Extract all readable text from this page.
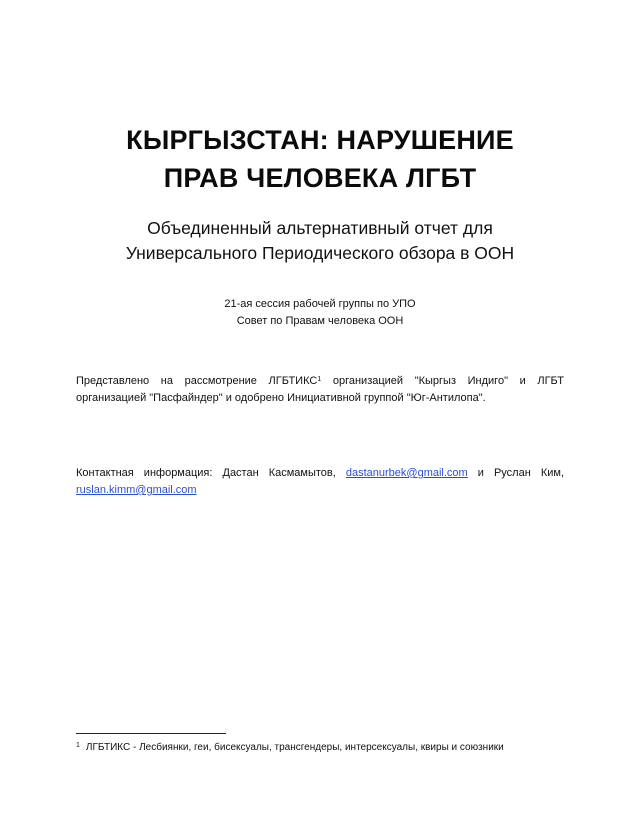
КЫРГЫЗСТАН: НАРУШЕНИЕ
ПРАВ ЧЕЛОВЕКА ЛГБТ
Объединенный альтернативный отчет для
Универсального Периодического обзора в ООН
21-ая сессия рабочей группы по УПО
Совет по Правам человека ООН
Представлено на рассмотрение ЛГБТИКС$^1$ организацией "Кыргыз Индиго" и ЛГБТ
организацией "Пасфайндер" и одобрено Инициативной группой "Юг-Антилопа".
Контактная информация: Дастан Касмамытов, dastanurbek@gmail.com и Руслан Ким,
ruslan.kimm@gmail.com
$^1$ ЛГБТИКС - Лесбиянки, геи, бисексуалы, трансгендеры, интерсексуалы, квиры и союзники
